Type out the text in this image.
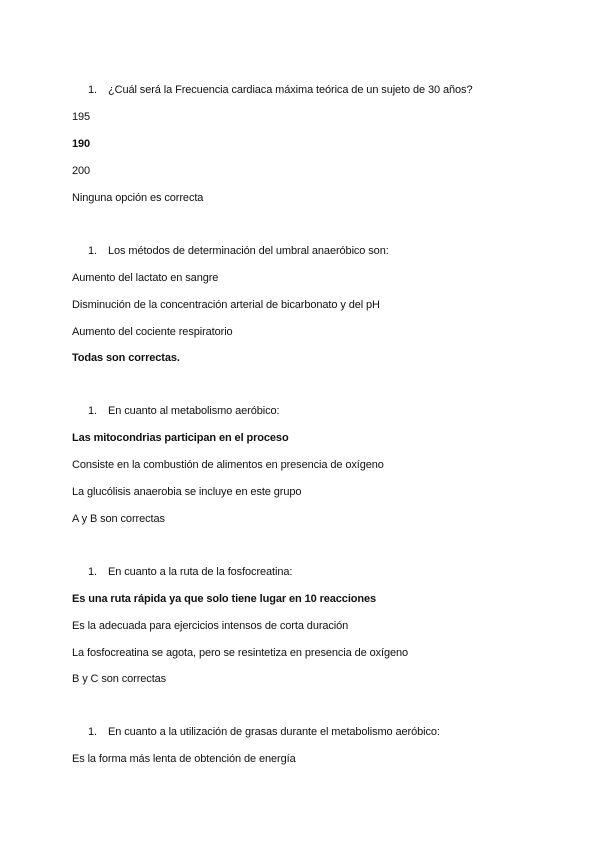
1. ¿Cuál será la Frecuencia cardiaca máxima teórica de un sujeto de 30 años?
195
190
200
Ninguna opción es correcta
1. Los métodos de determinación del umbral anaeróbico son:
Aumento del lactato en sangre
Disminución de la concentración arterial de bicarbonato y del pH
Aumento del cociente respiratorio
Todas son correctas.
1. En cuanto al metabolismo aeróbico:
Las mitocondrias participan en el proceso
Consiste en la combustión de alimentos en presencia de oxígeno
La glucólisis anaerobia se incluye en este grupo
A y B son correctas
1. En cuanto a la ruta de la fosfocreatina:
Es una ruta rápida ya que solo tiene lugar en 10 reacciones
Es la adecuada para ejercicios intensos de corta duración
La fosfocreatina se agota, pero se resintetiza en presencia de oxígeno
B y C son correctas
1. En cuanto a la utilización de grasas durante el metabolismo aeróbico:
Es la forma más lenta de obtención de energía
